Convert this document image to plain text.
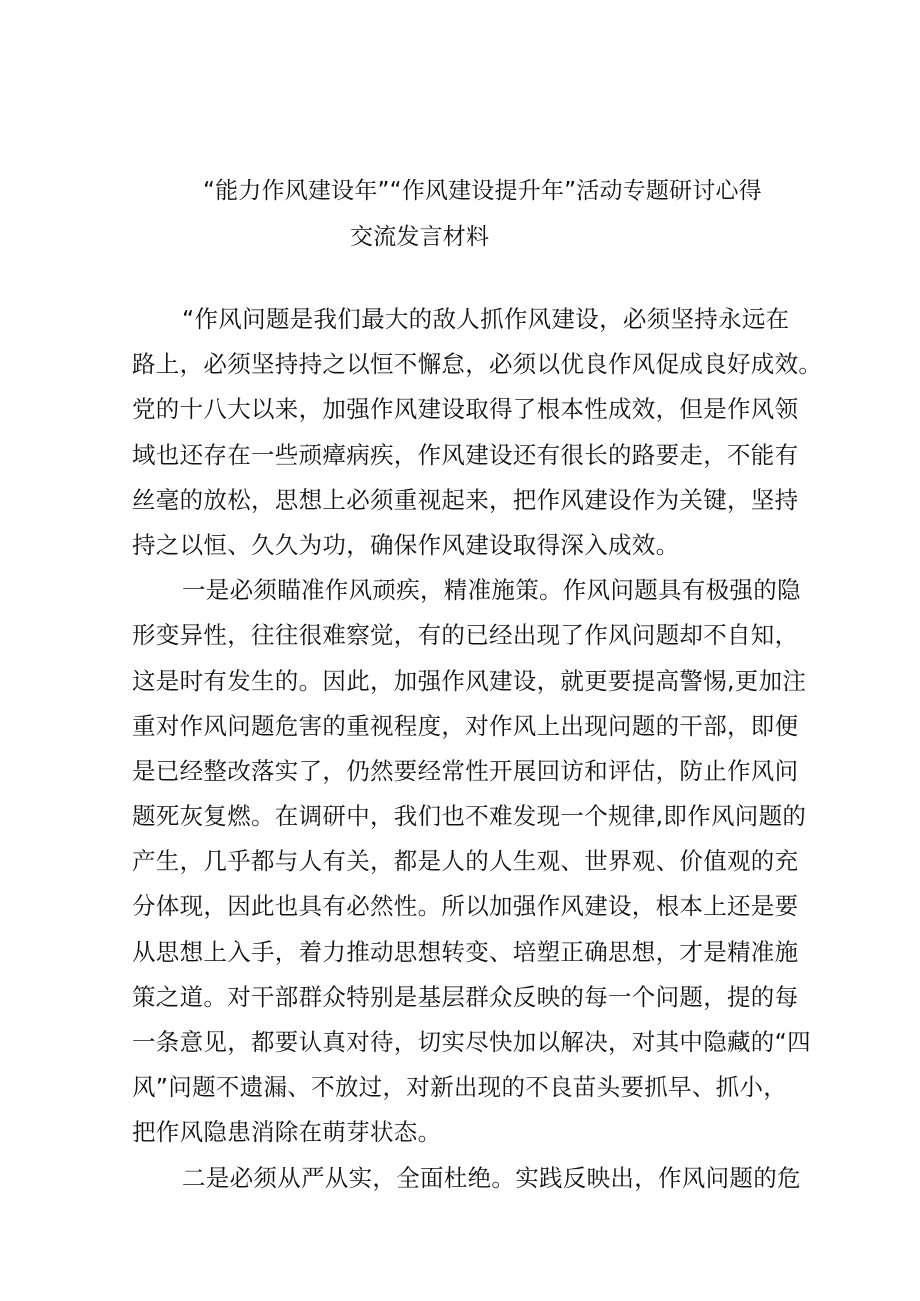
“能力作风建设年”“作风建设提升年”活动专题研讨心得

交流发言材料

“作风问题是我们最大的敌人抓作风建设，必须坚持永远在

路上，必须坚持持之以恒不懈怠，必须以优良作风促成良好成效。

党的十八大以来，加强作风建设取得了根本性成效，但是作风领

域也还存在一些顽瘴病疾，作风建设还有很长的路要走，不能有

丝毫的放松，思想上必须重视起来，把作风建设作为关键，坚持

持之以恒、久久为功，确保作风建设取得深入成效。

一是必须瞄准作风顽疾，精准施策。作风问题具有极强的隐

形变异性，往往很难察觉，有的已经出现了作风问题却不自知，

这是时有发生的。因此，加强作风建设，就更要提高警惕,更加注

重对作风问题危害的重视程度，对作风上出现问题的干部，即便

是已经整改落实了，仍然要经常性开展回访和评估，防止作风问

题死灰复燃。在调研中，我们也不难发现一个规律,即作风问题的

产生，几乎都与人有关，都是人的人生观、世界观、价值观的充

分体现，因此也具有必然性。所以加强作风建设，根本上还是要

从思想上入手，着力推动思想转变、培塑正确思想，才是精准施

策之道。对干部群众特别是基层群众反映的每一个问题，提的每

一条意见，都要认真对待，切实尽快加以解决，对其中隐藏的“四

风”问题不遗漏、不放过，对新出现的不良苗头要抓早、抓小，

把作风隐患消除在萌芽状态。

二是必须从严从实，全面杜绝。实践反映出，作风问题的危
